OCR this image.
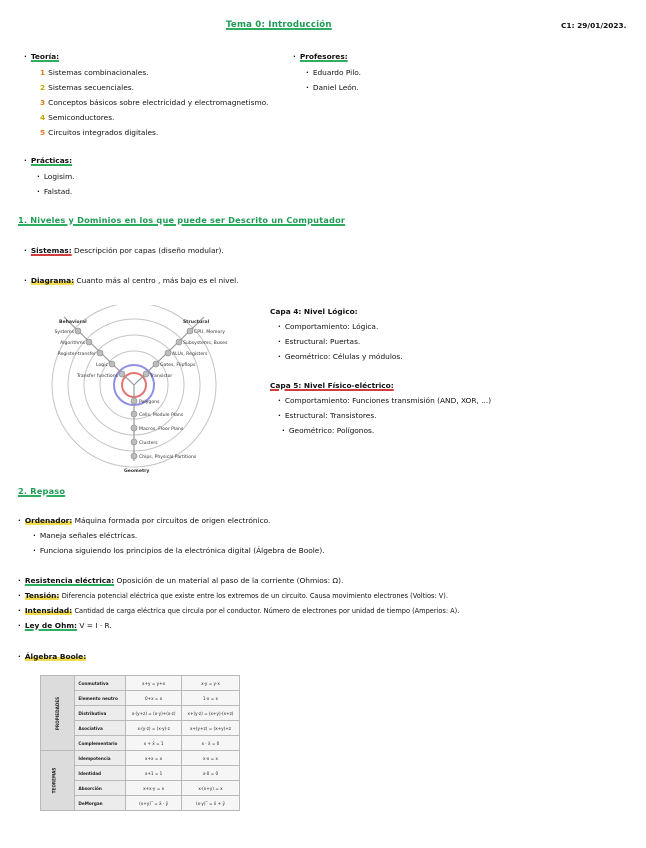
Tema 0: Introducción	C1: 29/01/2023.
· Teoría:
1 Sistemas combinacionales.
2 Sistemas secuenciales.
3 Conceptos básicos sobre electricidad y electromagnetismo.
4 Semiconductores.
5 Circuitos integrados digitales.
· Profesores:
· Eduardo Pilo.
· Daniel León.
· Prácticas:
· Logisim.
· Falstad.
1. Niveles y Dominios en los que puede ser Descrito un Computador
· Sistemas: Descripción por capas (diseño modular).
· Diagrama: Cuanto más al centro , más bajo es el nivel.
Behavioral	Structural
Systems
Algorithms
Register-transfer
Logic
Transfer functions
CPU, Memory
Subsystems, Buses
ALUs, Registers
Gates, Flipflops
Transistor
Polygons
Cells, Module Plans
Macros, Floor Plans
Clusters
Chips, Physical Partitions
Geometry
Capa 4: Nivel Lógico:
· Comportamiento: Lógica.
· Estructural: Puertas.
· Geométrico: Células y módulos.
Capa 5: Nivel Físico-eléctrico:
· Comportamiento: Funciones transmisión (AND, XOR, ...)
· Estructural: Transistores.
· Geométrico: Polígonos.
2. Repaso
· Ordenador: Máquina formada por circuitos de origen electrónico.
· Maneja señales eléctricas.
· Funciona siguiendo los principios de la electrónica digital (Álgebra de Boole).
· Resistencia eléctrica: Oposición de un material al paso de la corriente (Ohmios: Ω).
· Tensión: Diferencia potencial eléctrica que existe entre los extremos de un circuito. Causa movimiento electrones (Voltios: V).
· Intensidad: Cantidad de carga eléctrica que circula por el conductor. Número de electrones por unidad de tiempo (Amperios: A).
· Ley de Ohm: V = I · R.
· Álgebra Boole:
PROPIEDADES	Conmutativa	x+y = y+x	x·y = y·x
	Elemento neutro	0+x = x	1·x = x
	Distributiva	x·(y+z) = (x·y)+(x·z)	x+(y·z) = (x+y)·(x+z)
	Asociativa	x·(y·z) = (x·y)·z	x+(y+z) = (x+y)+z
	Complementario	x + x̄ = 1	x · x̄ = 0
TEOREMAS	Idempotencia	x+x = x	x·x = x
	Identidad	x+1 = 1	x·0 = 0
	Absorción	x+x·y = x	x·(x+y) = x
	DeMorgan	(x+y)‾ = x̄ · ȳ	(x·y)‾ = x̄ + ȳ
